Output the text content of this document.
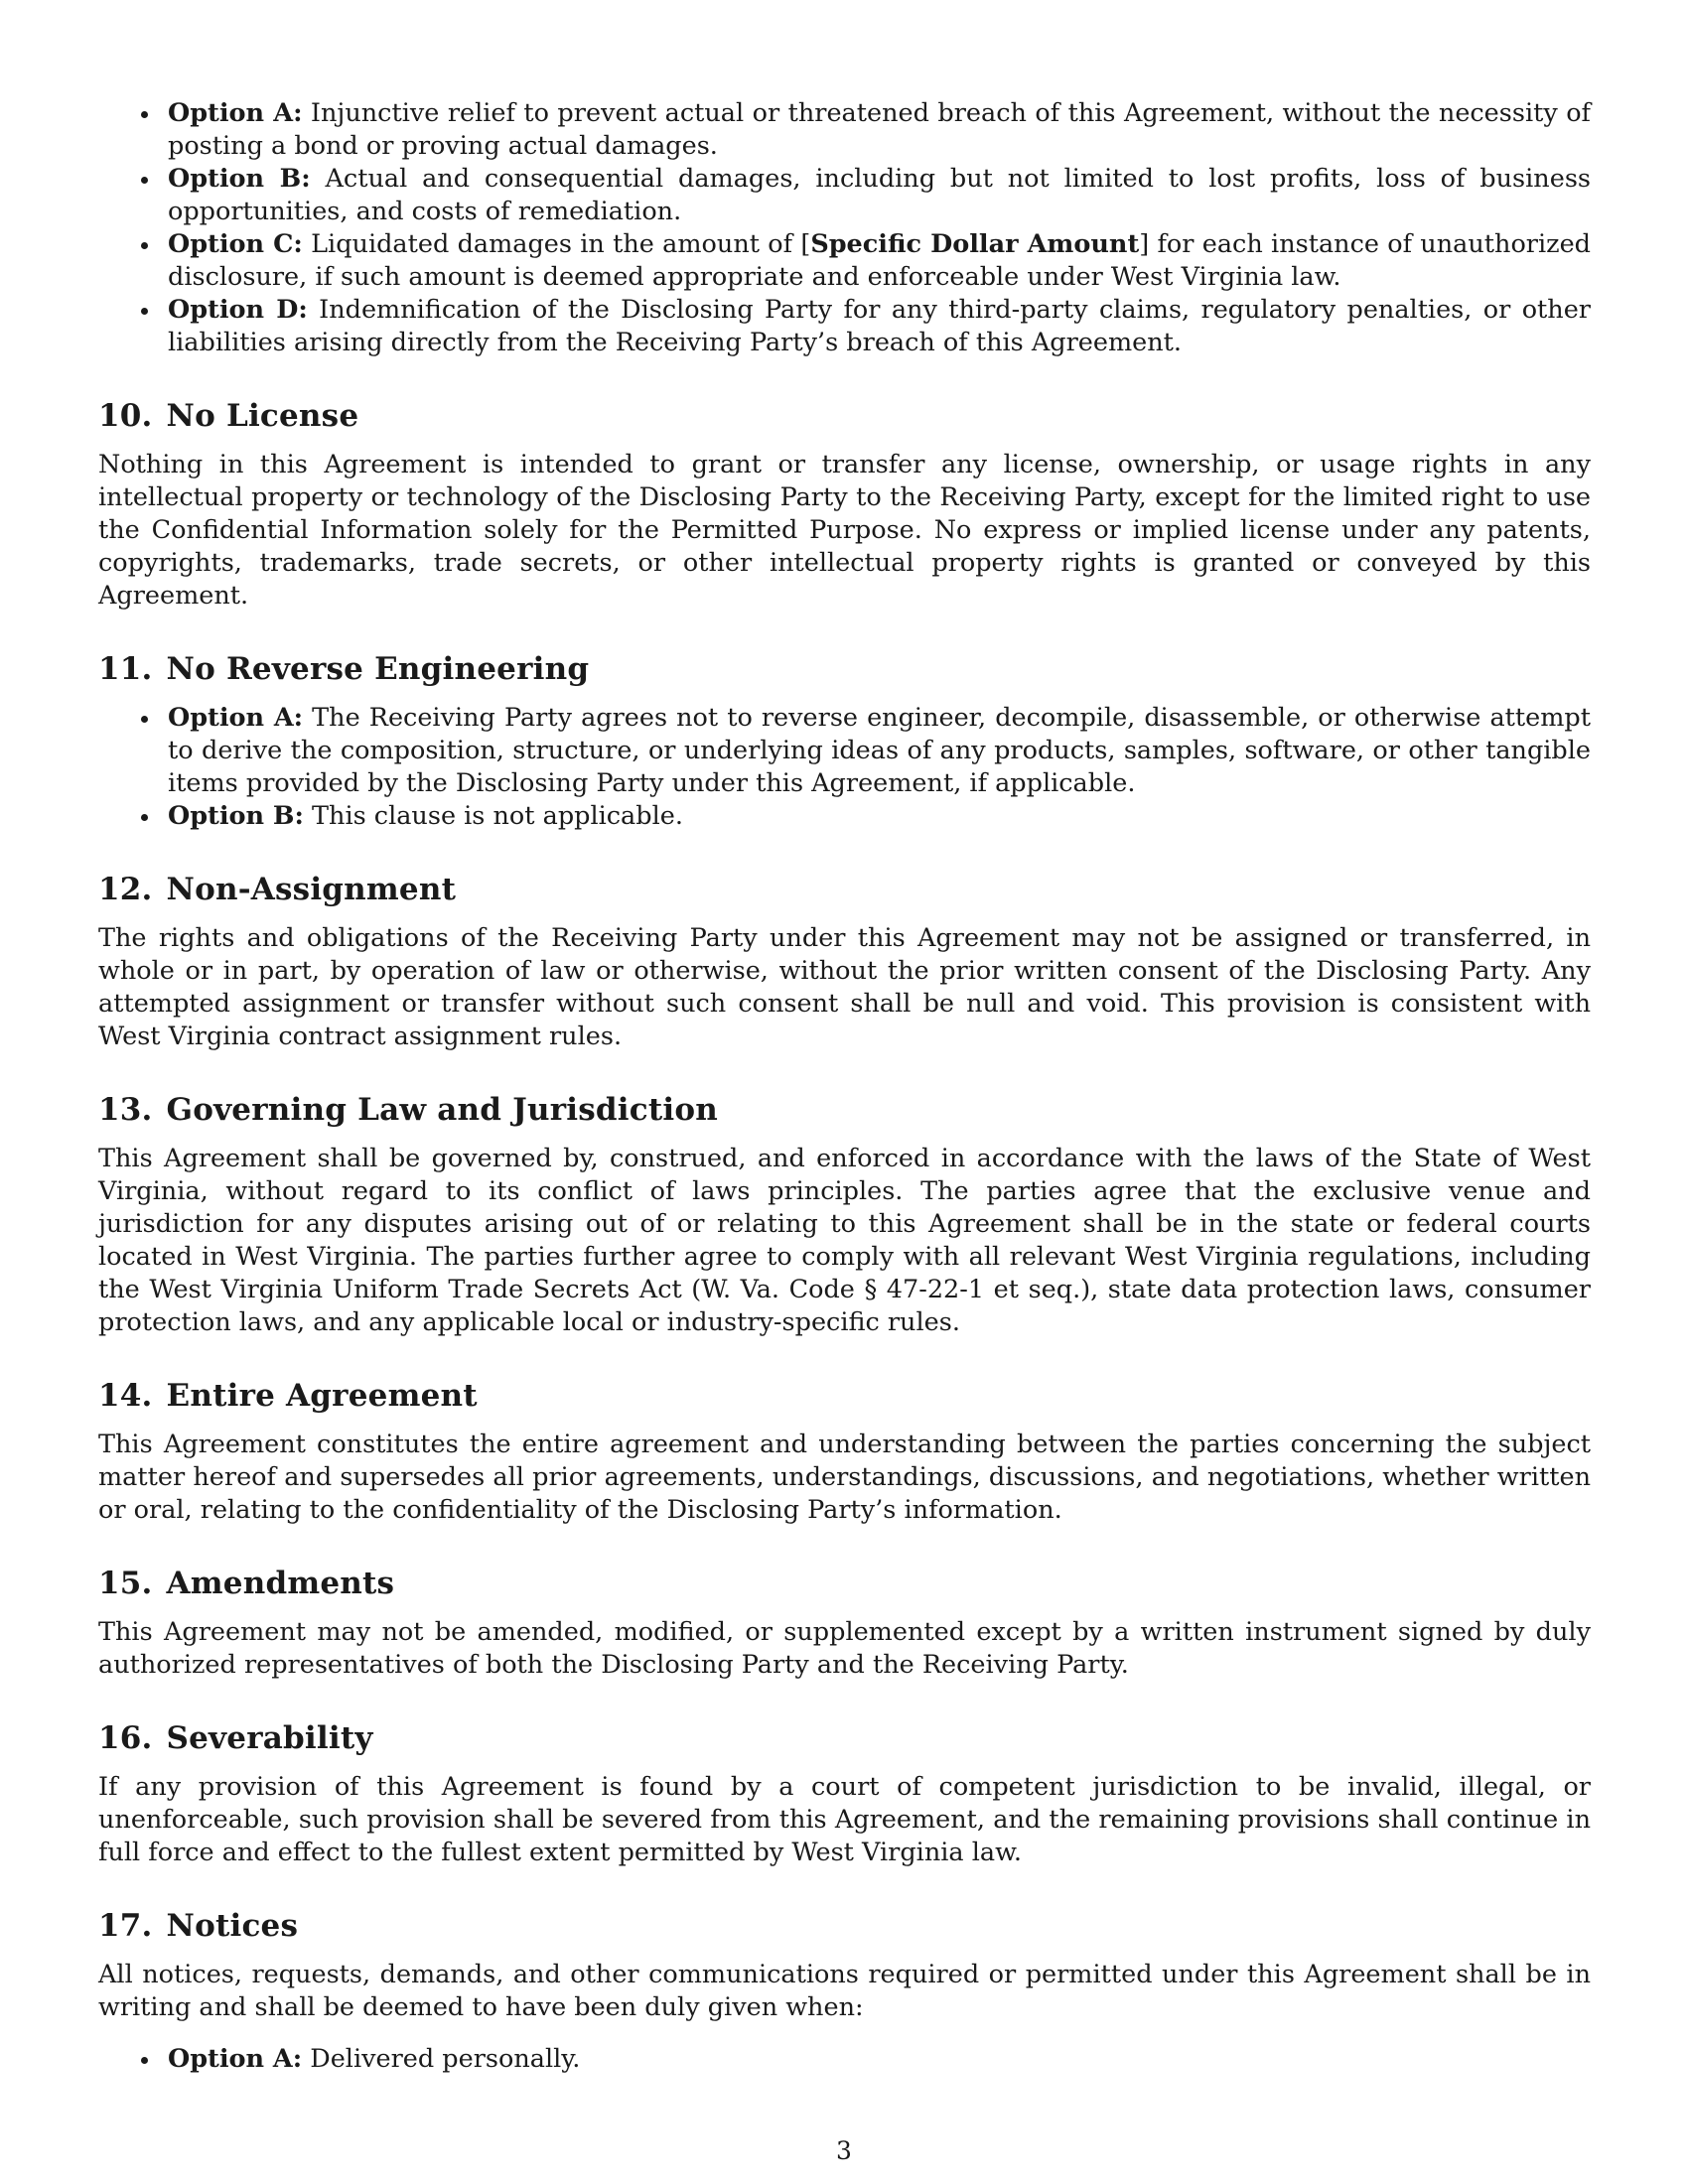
Option A: Injunctive relief to prevent actual or threatened breach of this Agreement, without the necessity of posting a bond or proving actual damages.
Option B: Actual and consequential damages, including but not limited to lost profits, loss of business opportunities, and costs of remediation.
Option C: Liquidated damages in the amount of [Specific Dollar Amount] for each instance of unauthorized disclosure, if such amount is deemed appropriate and enforceable under West Virginia law.
Option D: Indemnification of the Disclosing Party for any third-party claims, regulatory penalties, or other liabilities arising directly from the Receiving Party’s breach of this Agreement.
10. No License

Nothing in this Agreement is intended to grant or transfer any license, ownership, or usage rights in any intellectual property or technology of the Disclosing Party to the Receiving Party, except for the limited right to use the Confidential Information solely for the Permitted Purpose. No express or implied license under any patents, copyrights, trademarks, trade secrets, or other intellectual property rights is granted or conveyed by this Agreement.

11. No Reverse Engineering
Option A: The Receiving Party agrees not to reverse engineer, decompile, disassemble, or otherwise attempt to derive the composition, structure, or underlying ideas of any products, samples, software, or other tangible items provided by the Disclosing Party under this Agreement, if applicable.
Option B: This clause is not applicable.
12. Non-Assignment

The rights and obligations of the Receiving Party under this Agreement may not be assigned or transferred, in whole or in part, by operation of law or otherwise, without the prior written consent of the Disclosing Party. Any attempted assignment or transfer without such consent shall be null and void. This provision is consistent with West Virginia contract assignment rules.

13. Governing Law and Jurisdiction

This Agreement shall be governed by, construed, and enforced in accordance with the laws of the State of West Virginia, without regard to its conflict of laws principles. The parties agree that the exclusive venue and jurisdiction for any disputes arising out of or relating to this Agreement shall be in the state or federal courts located in West Virginia. The parties further agree to comply with all relevant West Virginia regulations, including the West Virginia Uniform Trade Secrets Act (W. Va. Code § 47-22-1 et seq.), state data protection laws, consumer protection laws, and any applicable local or industry-specific rules.

14. Entire Agreement

This Agreement constitutes the entire agreement and understanding between the parties concerning the subject matter hereof and supersedes all prior agreements, understandings, discussions, and negotiations, whether written or oral, relating to the confidentiality of the Disclosing Party’s information.

15. Amendments

This Agreement may not be amended, modified, or supplemented except by a written instrument signed by duly authorized representatives of both the Disclosing Party and the Receiving Party.

16. Severability

If any provision of this Agreement is found by a court of competent jurisdiction to be invalid, illegal, or unenforceable, such provision shall be severed from this Agreement, and the remaining provisions shall continue in full force and effect to the fullest extent permitted by West Virginia law.

17. Notices

All notices, requests, demands, and other communications required or permitted under this Agreement shall be in writing and shall be deemed to have been duly given when:

Option A: Delivered personally.
3
